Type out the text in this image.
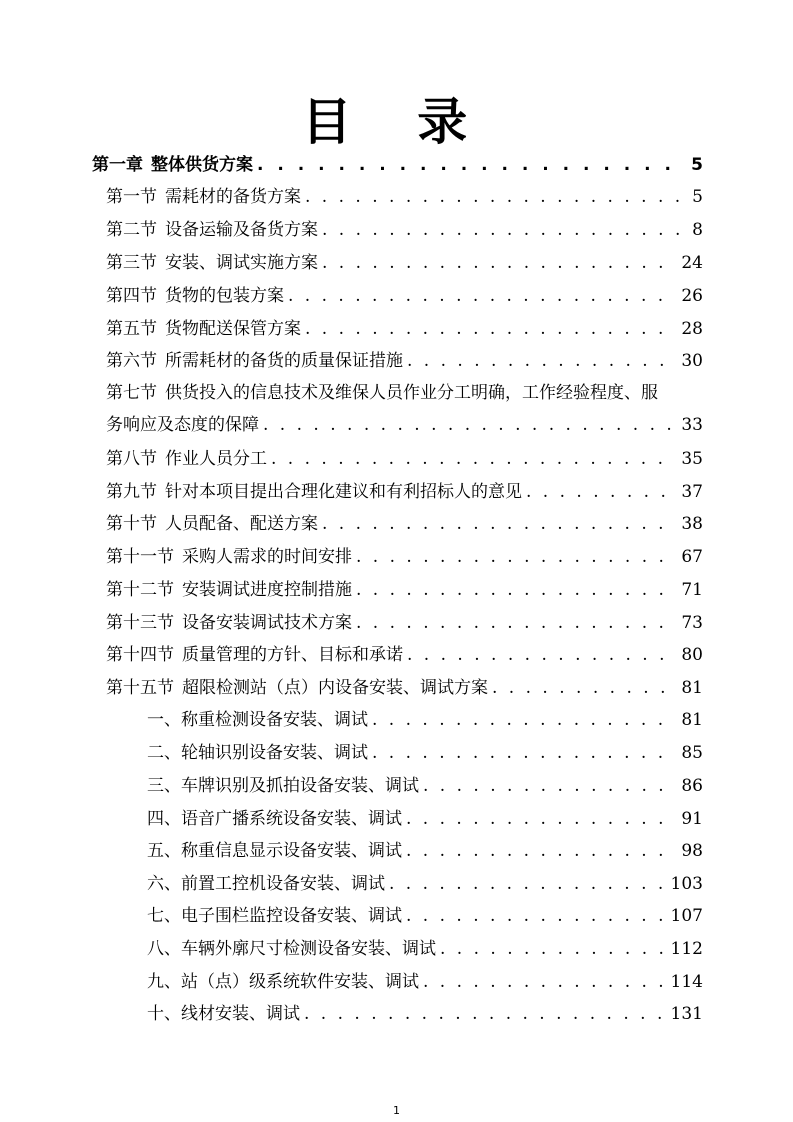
目 录
第一章 整体供货方案 . . .	5
第一节 需耗材的备货方案 . . .	5
第二节 设备运输及备货方案 . . .	8
第三节 安装、调试实施方案 . . .	24
第四节 货物的包装方案 . . .	26
第五节 货物配送保管方案 . . .	28
第六节 所需耗材的备货的质量保证措施 . . .	30
第七节 供货投入的信息技术及维保人员作业分工明确，工作经验程度、服
务响应及态度的保障 . . .	33
第八节 作业人员分工 . . .	35
第九节 针对本项目提出合理化建议和有利招标人的意见 . . .	37
第十节 人员配备、配送方案 . . .	38
第十一节 采购人需求的时间安排 . . .	67
第十二节 安装调试进度控制措施 . . .	71
第十三节 设备安装调试技术方案 . . .	73
第十四节 质量管理的方针、目标和承诺 . . .	80
第十五节 超限检测站（点）内设备安装、调试方案 . . .	81
一、称重检测设备安装、调试 . . .	81
二、轮轴识别设备安装、调试 . . .	85
三、车牌识别及抓拍设备安装、调试 . . .	86
四、语音广播系统设备安装、调试 . . .	91
五、称重信息显示设备安装、调试 . . .	98
六、前置工控机设备安装、调试 . . .	103
七、电子围栏监控设备安装、调试 . . .	107
八、车辆外廓尺寸检测设备安装、调试 . . .	112
九、站（点）级系统软件安装、调试 . . .	114
十、线材安装、调试 . . .	131
1
